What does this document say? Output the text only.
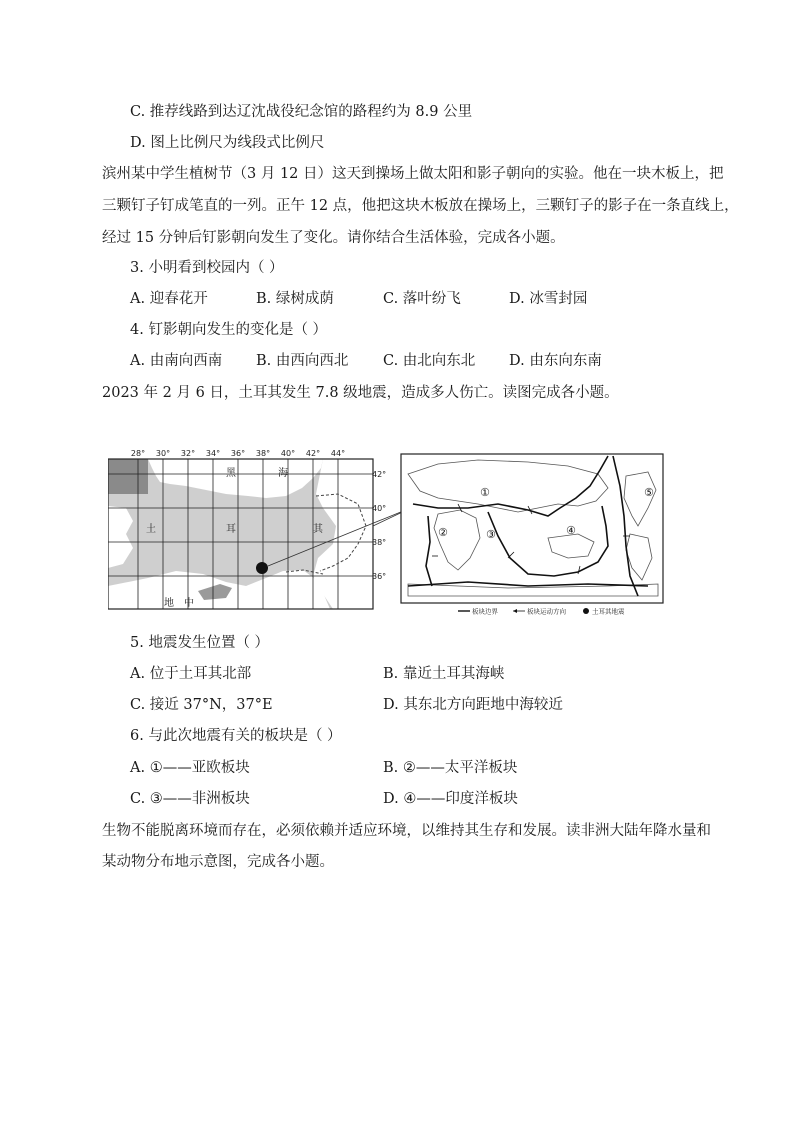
C. 推荐线路到达辽沈战役纪念馆的路程约为 8.9 公里
D. 图上比例尺为线段式比例尺
滨州某中学生植树节（3 月 12 日）这天到操场上做太阳和影子朝向的实验。他在一块木板上，把
三颗钉子钉成笔直的一列。正午 12 点，他把这块木板放在操场上，三颗钉子的影子在一条直线上，
经过 15 分钟后钉影朝向发生了变化。请你结合生活体验，完成各小题。
3. 小明看到校园内（ ）
A. 迎春花开	B. 绿树成荫	C. 落叶纷飞	D. 冰雪封园
4. 钉影朝向发生的变化是（ ）
A. 由南向西南 B. 由西向西北 C. 由北向东北 D. 由东向东南
2023 年 2 月 6 日，土耳其发生 7.8 级地震，造成多人伤亡。读图完成各小题。
28° 30° 32° 34° 36° 38° 40° 42° 44°
42°
40°
38°
36°
黑	海
土	耳	其
地 中
①
②	③	④
⑤
板块边界	板块运动方向	土耳其地震
5. 地震发生位置（ ）
A. 位于土耳其北部	B. 靠近土耳其海峡
C. 接近 37°N，37°E	D. 其东北方向距地中海较近
6. 与此次地震有关的板块是（ ）
A. ①——亚欧板块	B. ②——太平洋板块
C. ③——非洲板块	D. ④——印度洋板块
生物不能脱离环境而存在，必须依赖并适应环境，以维持其生存和发展。读非洲大陆年降水量和
某动物分布地示意图，完成各小题。
